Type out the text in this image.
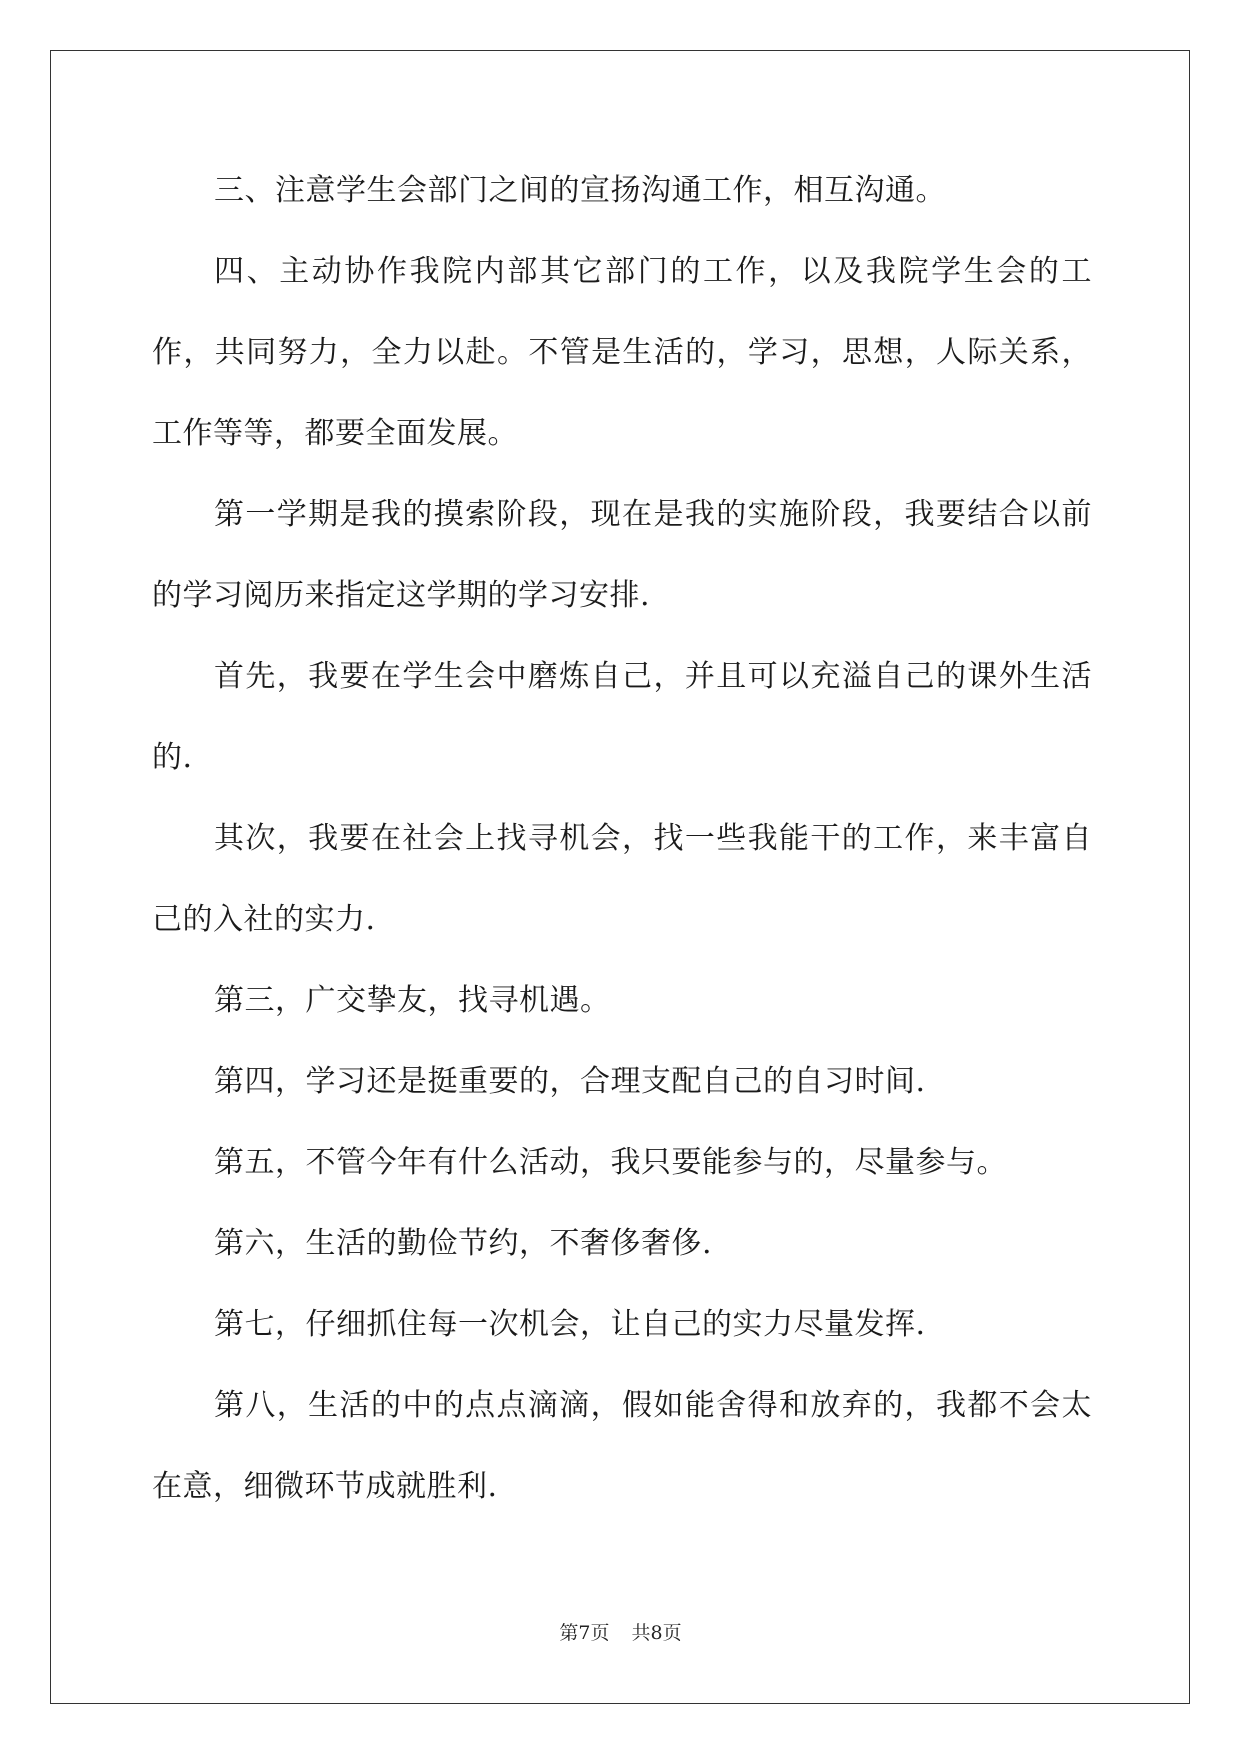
三、注意学生会部门之间的宣扬沟通工作，相互沟通。

四、主动协作我院内部其它部门的工作，以及我院学生会的工作，共同努力，全力以赴。不管是生活的，学习，思想，人际关系，工作等等，都要全面发展。

第一学期是我的摸索阶段，现在是我的实施阶段，我要结合以前的学习阅历来指定这学期的学习安排.

首先，我要在学生会中磨炼自己，并且可以充溢自己的课外生活的.

其次，我要在社会上找寻机会，找一些我能干的工作，来丰富自己的入社的实力.

第三，广交挚友，找寻机遇。

第四，学习还是挺重要的，合理支配自己的自习时间.

第五，不管今年有什么活动，我只要能参与的，尽量参与。

第六，生活的勤俭节约，不奢侈奢侈.

第七，仔细抓住每一次机会，让自己的实力尽量发挥.

第八，生活的中的点点滴滴，假如能舍得和放弃的，我都不会太在意，细微环节成就胜利.

第7页 共8页
